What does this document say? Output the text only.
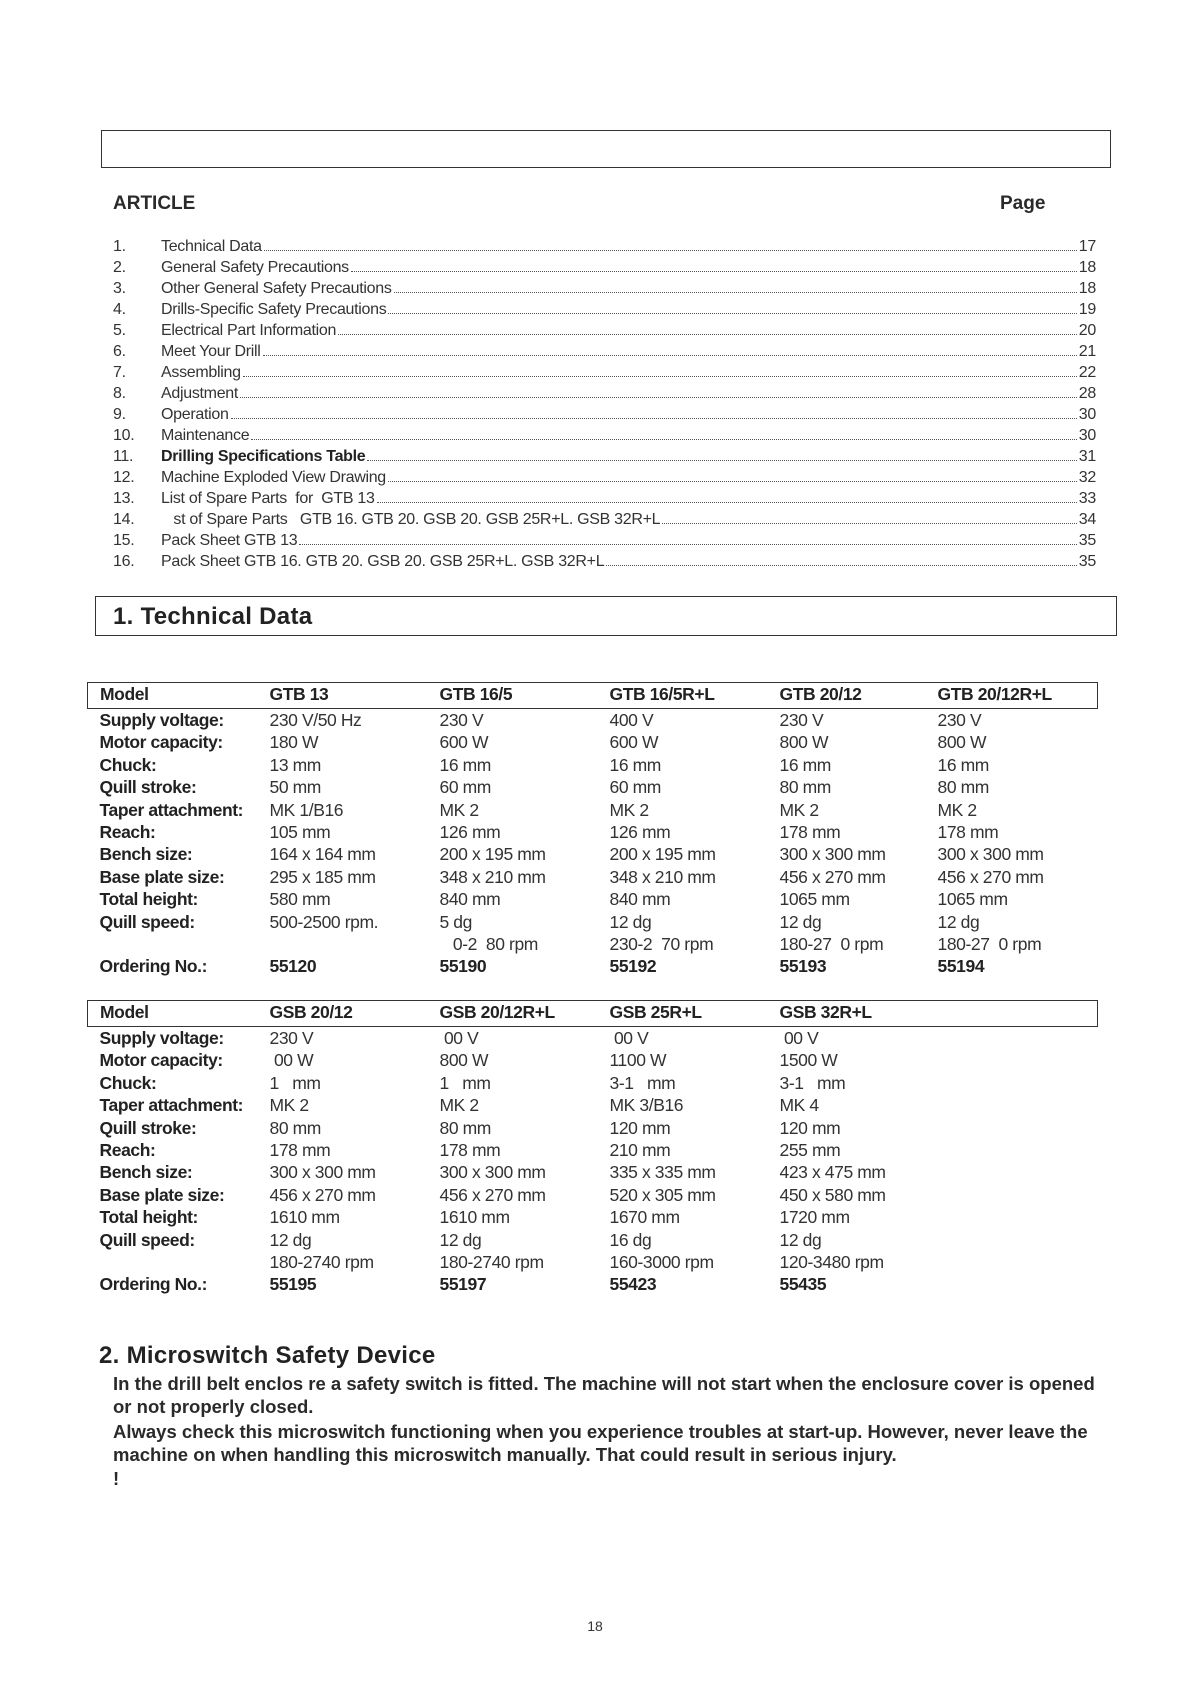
ARTICLE	Page
1.	Technical Data	17
2.	General Safety Precautions	18
3.	Other General Safety Precautions	18
4.	Drills-Specific Safety Precautions	19
5.	Electrical Part Information	20
6.	Meet Your Drill	21
7.	Assembling	22
8.	Adjustment	28
9.	Operation	30
10.	Maintenance	30
11.	Drilling Specifications Table	31
12.	Machine Exploded View Drawing	32
13.	List of Spare Parts  for  GTB 13	33
14.	st of Spare Parts   GTB 16. GTB 20. GSB 20. GSB 25R+L. GSB 32R+L	34
15.	Pack Sheet GTB 13	35
16.	Pack Sheet GTB 16. GTB 20. GSB 20. GSB 25R+L. GSB 32R+L	35
1. Technical Data
Model	GTB 13	GTB 16/5	GTB 16/5R+L	GTB 20/12	GTB 20/12R+L
Supply voltage:	230 V/50 Hz	230 V	400 V	230 V	230 V
Motor capacity:	180 W	600 W	600 W	800 W	800 W
Chuck:	13 mm	16 mm	16 mm	16 mm	16 mm
Quill stroke:	50 mm	60 mm	60 mm	80 mm	80 mm
Taper attachment:	MK 1/B16	MK 2	MK 2	MK 2	MK 2
Reach:	105 mm	126 mm	126 mm	178 mm	178 mm
Bench size:	164 x 164 mm	200 x 195 mm	200 x 195 mm	300 x 300 mm	300 x 300 mm
Base plate size:	295 x 185 mm	348 x 210 mm	348 x 210 mm	456 x 270 mm	456 x 270 mm
Total height:	580 mm	840 mm	840 mm	1065 mm	1065 mm
Quill speed:	500-2500 rpm.	5 dg	12 dg	12 dg	12 dg
		0-2  80 rpm	230-2  70 rpm	180-27  0 rpm	180-27  0 rpm
Ordering No.:	55120	55190	55192	55193	55194
Model	GSB 20/12	GSB 20/12R+L	GSB 25R+L	GSB 32R+L	
Supply voltage:	230 V	00 V	00 V	00 V	
Motor capacity:	00 W	800 W	1100 W	1500 W	
Chuck:	1   mm	1   mm	3-1   mm	3-1   mm	
Taper attachment:	MK 2	MK 2	MK 3/B16	MK 4	
Quill stroke:	80 mm	80 mm	120 mm	120 mm	
Reach:	178 mm	178 mm	210 mm	255 mm	
Bench size:	300 x 300 mm	300 x 300 mm	335 x 335 mm	423 x 475 mm	
Base plate size:	456 x 270 mm	456 x 270 mm	520 x 305 mm	450 x 580 mm	
Total height:	1610 mm	1610 mm	1670 mm	1720 mm	
Quill speed:	12 dg	12 dg	16 dg	12 dg	
	180-2740 rpm	180-2740 rpm	160-3000 rpm	120-3480 rpm	
Ordering No.:	55195	55197	55423	55435	
2. Microswitch Safety Device

In the drill belt enclos re a safety switch is fitted. The machine will not start when the enclosure cover is opened or not properly closed.

Always check this microswitch functioning when you experience troubles at start-up. However, never leave the machine on when handling this microswitch manually. That could result in serious injury.

!

18
